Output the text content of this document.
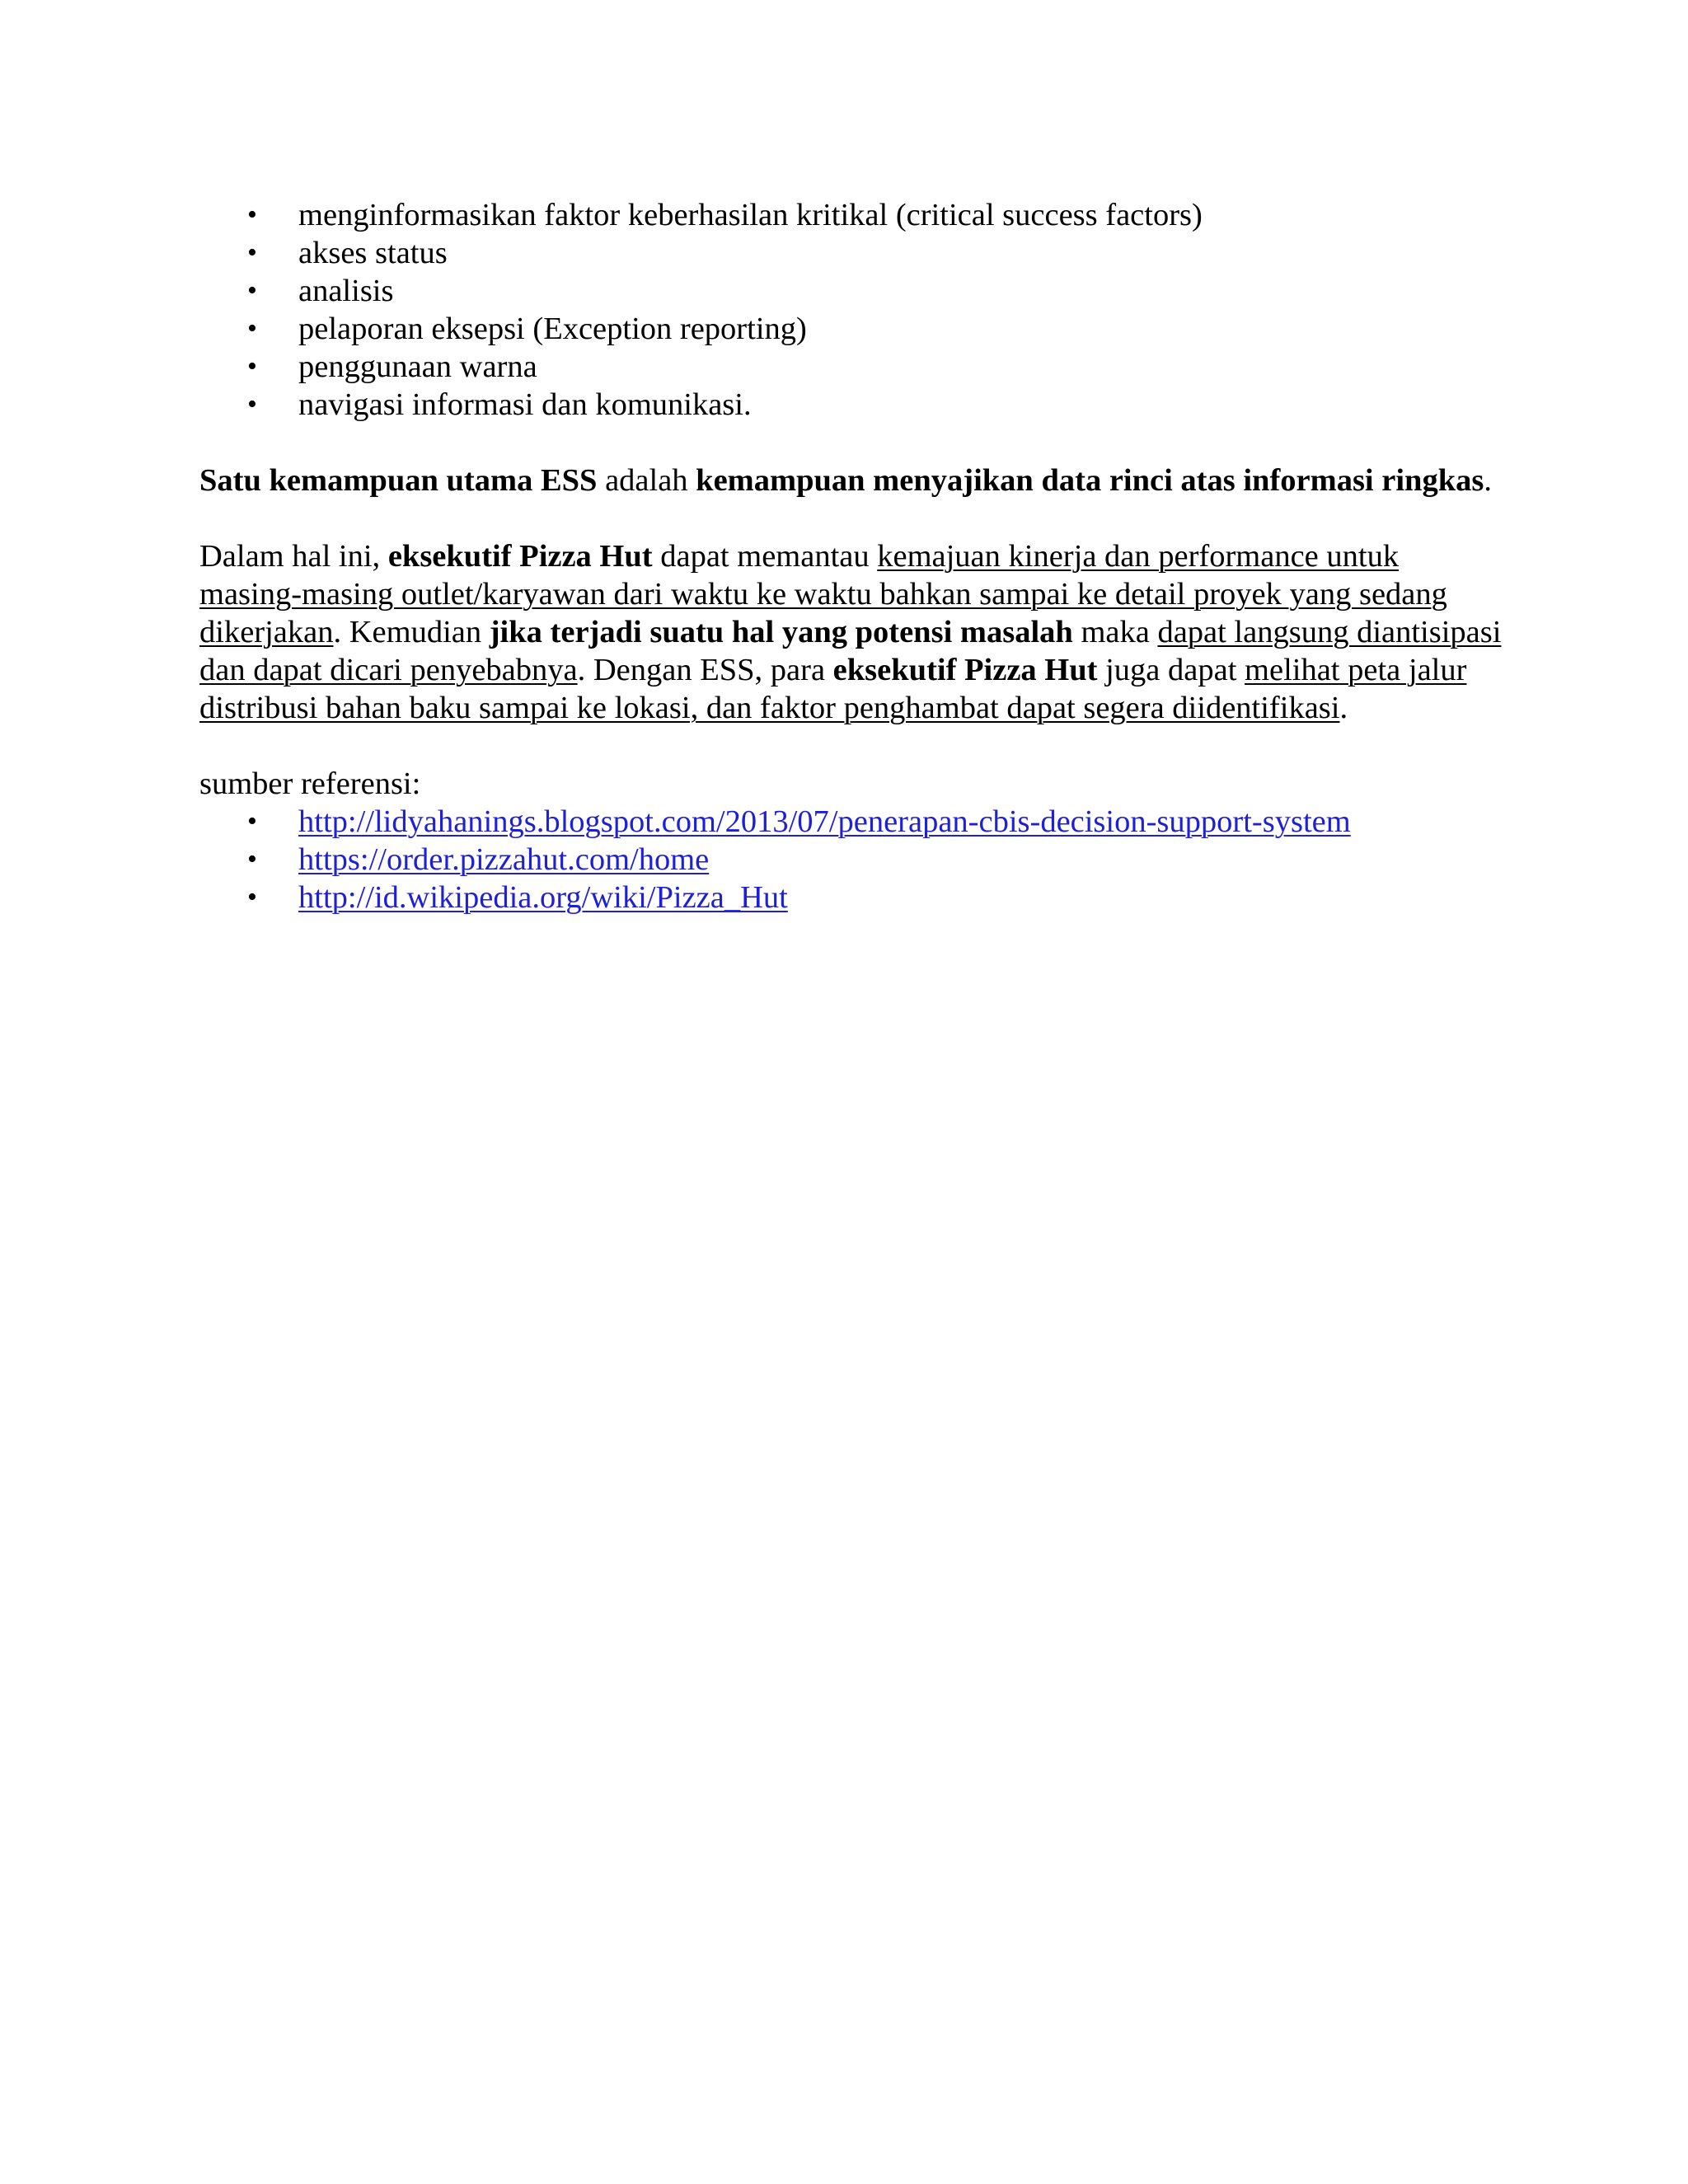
• menginformasikan faktor keberhasilan kritikal (critical success factors)
• akses status
• analisis
• pelaporan eksepsi (Exception reporting)
• penggunaan warna
• navigasi informasi dan komunikasi.

Satu kemampuan utama ESS adalah kemampuan menyajikan data rinci atas informasi ringkas.

Dalam hal ini, eksekutif Pizza Hut dapat memantau kemajuan kinerja dan performance untuk masing-masing outlet/karyawan dari waktu ke waktu bahkan sampai ke detail proyek yang sedang dikerjakan. Kemudian jika terjadi suatu hal yang potensi masalah maka dapat langsung diantisipasi dan dapat dicari penyebabnya. Dengan ESS, para eksekutif Pizza Hut juga dapat melihat peta jalur distribusi bahan baku sampai ke lokasi, dan faktor penghambat dapat segera diidentifikasi.

sumber referensi:

• http://lidyahanings.blogspot.com/2013/07/penerapan-cbis-decision-support-system
• https://order.pizzahut.com/home
• http://id.wikipedia.org/wiki/Pizza_Hut
